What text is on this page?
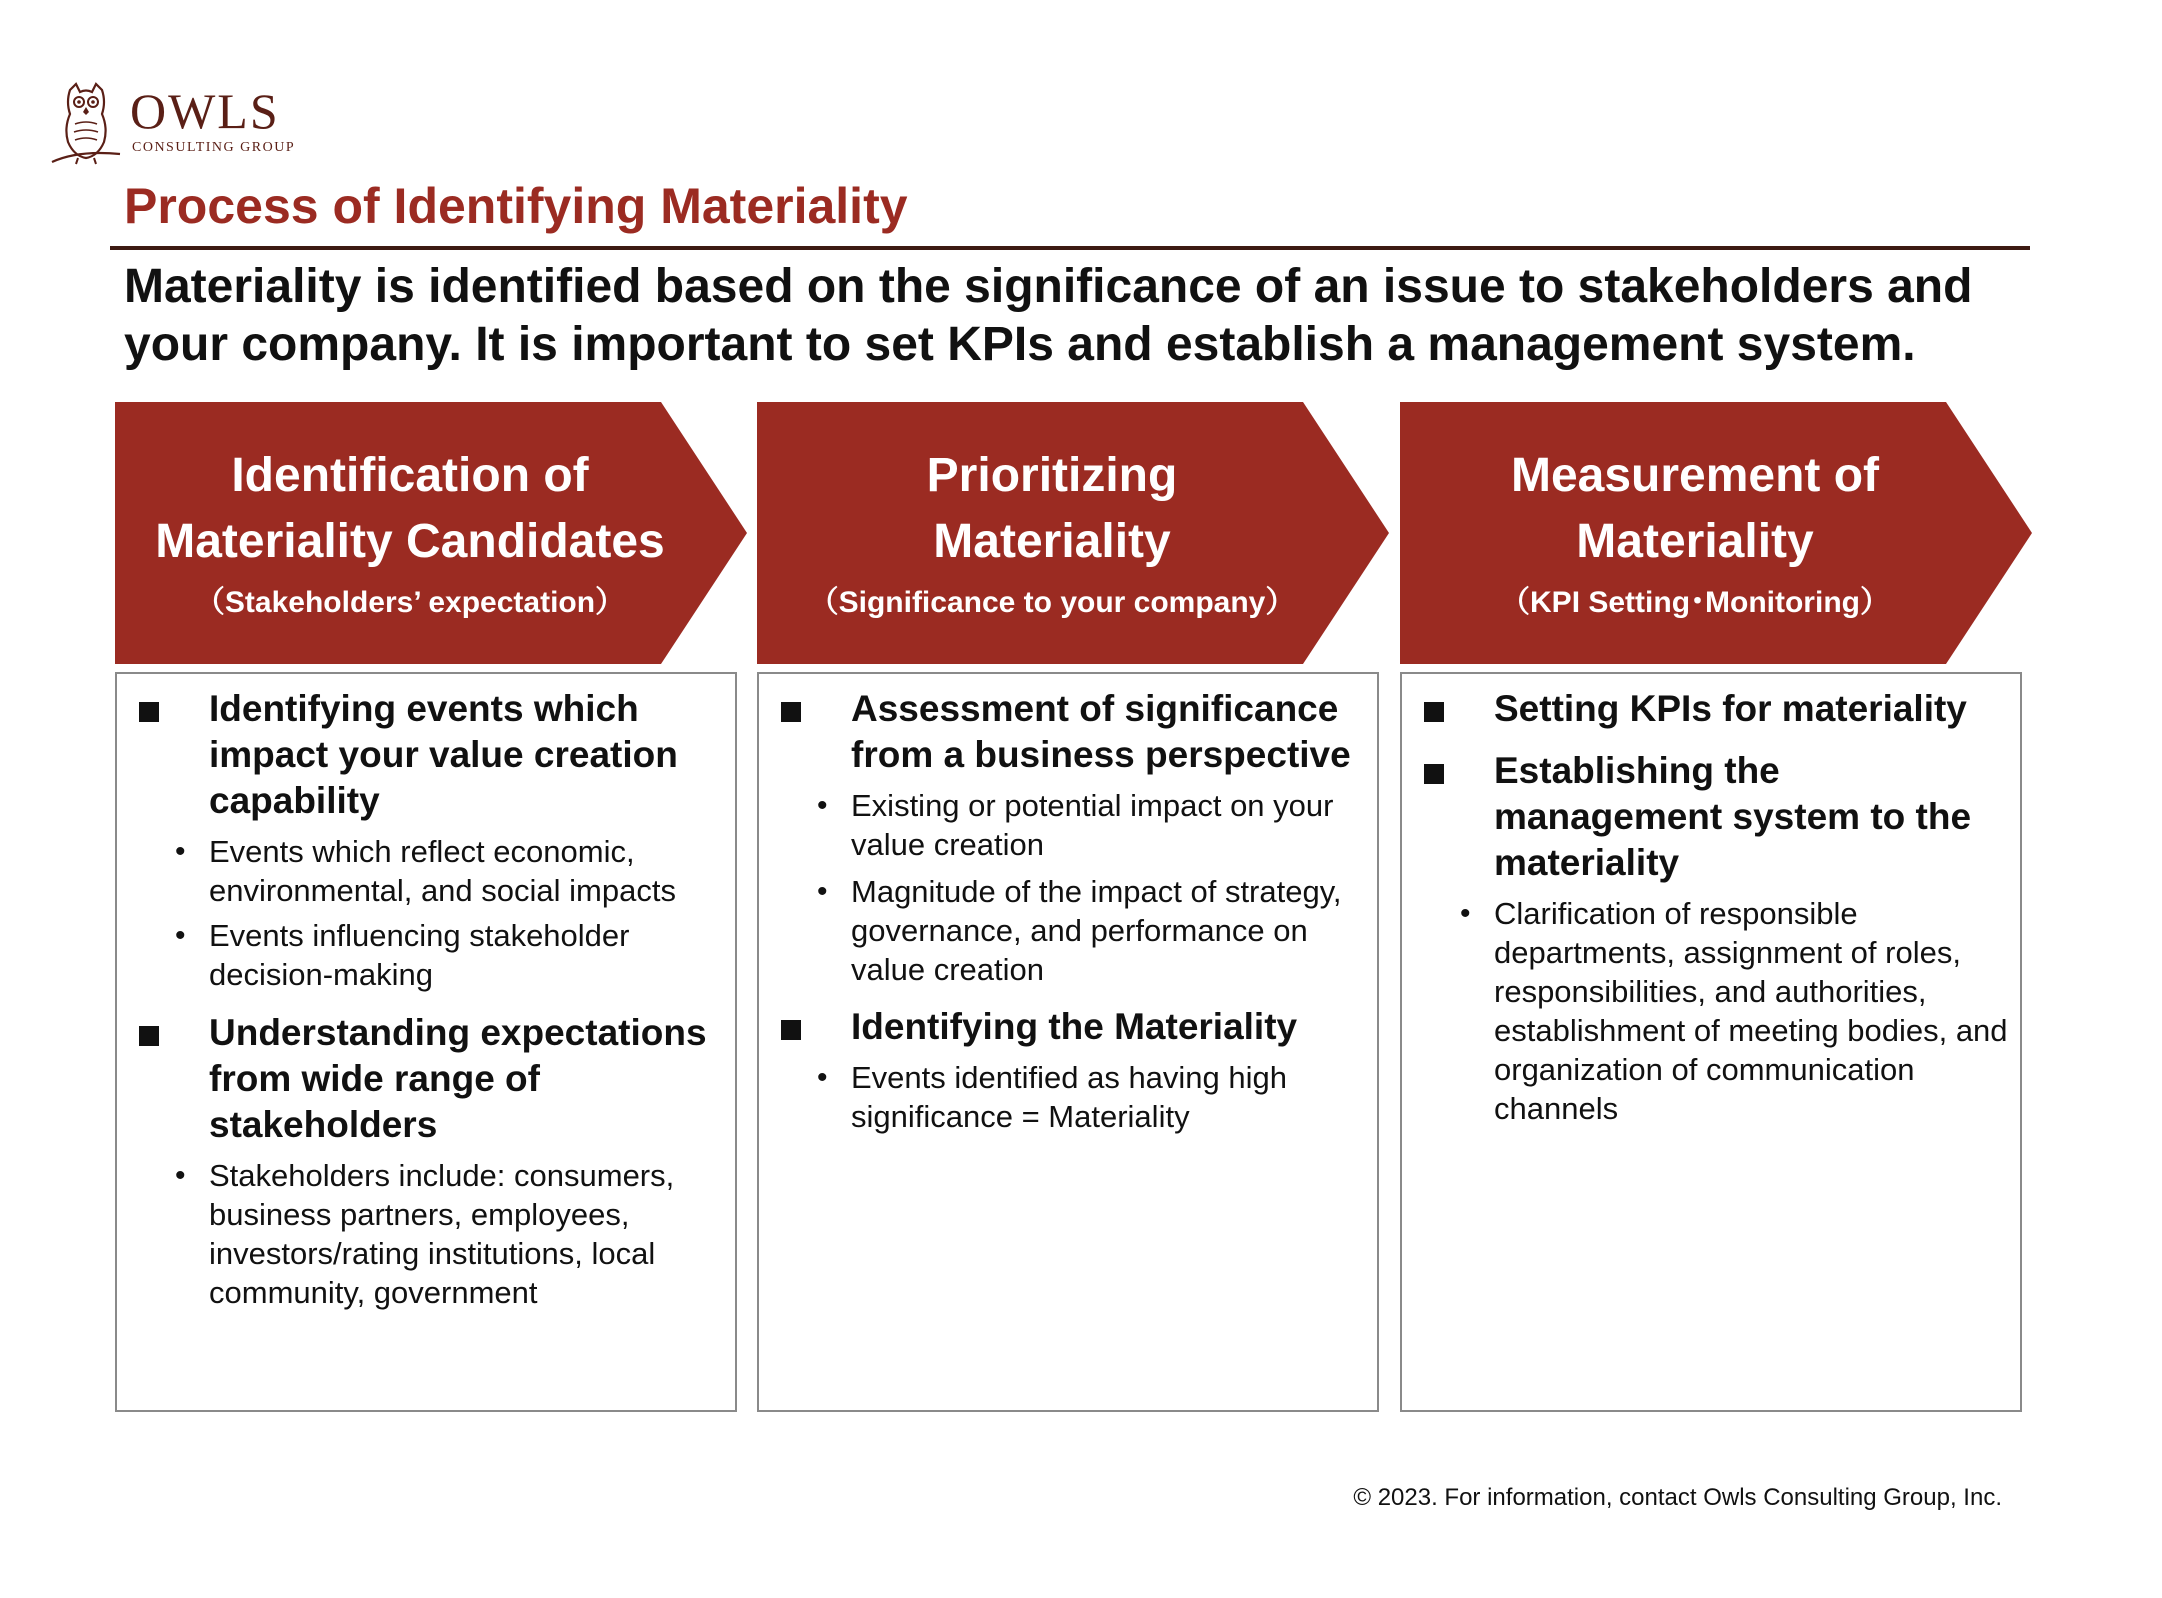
OWLS
CONSULTING GROUP
Process of Identifying Materiality
Materiality is identified based on the significance of an issue to stakeholders and your company. It is important to set KPIs and establish a management system.
Identification of
Materiality Candidates
（Stakeholders’ expectation）
Prioritizing
Materiality
（Significance to your company）
Measurement of
Materiality
（KPI Setting･Monitoring）
Identifying events which impact your value creation capability
• Events which reflect economic, environmental, and social impacts
• Events influencing stakeholder decision-making
Understanding expectations from wide range of stakeholders
• Stakeholders include: consumers, business partners, employees, investors/rating institutions, local community, government
Assessment of significance from a business perspective
• Existing or potential impact on your value creation
• Magnitude of the impact of strategy, governance, and performance on value creation
Identifying the Materiality
• Events identified as having high significance = Materiality
Setting KPIs for materiality
Establishing the management system to the materiality
• Clarification of responsible departments, assignment of roles, responsibilities, and authorities, establishment of meeting bodies, and organization of communication channels
© 2023. For information, contact Owls Consulting Group, Inc.
